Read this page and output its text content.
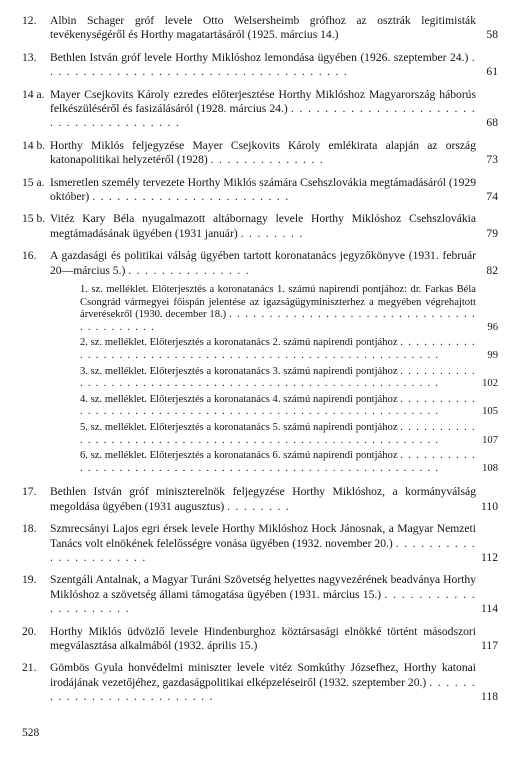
12.	Albin Schager gróf levele Otto Welsersheimb grófhoz az osztrák legitimisták tevékenységéről és Horthy magatartásáról (1925. március 14.)	58
13.	Bethlen István gróf levele Horthy Miklóshoz lemondása ügyében (1926. szeptember 24.) . . . . . . . . . . . . . . . . . . . . . . . . . . . . . . . . . . . . .	61
14 a. Mayer Csejkovits Károly ezredes előterjesztése Horthy Miklóshoz Magyarország háborús felkészüléséről és fasizálásáról (1928. március 24.) . . . . . . . . . . . . . . . . . . . . . . . . . . . . . . . . . . . . . .	68
14 b. Horthy Miklós feljegyzése Mayer Csejkovits Károly emlékirata alapján az ország katonapolitikai helyzetéről (1928) . . . . . . . . . . . . . .	73
15 a. Ismeretlen személy tervezete Horthy Miklós számára Csehszlovákia megtámadásáról (1929 október) . . . . . . . . . . . . . . . . . . . . . . . .	74
15 b. Vitéz Kary Béla nyugalmazott altábornagy levele Horthy Miklóshoz Csehszlovákia megtámadásának ügyében (1931 január) . . . . . . . .	79
16.	A gazdasági és politikai válság ügyében tartott koronatanács jegyzőkönyve (1931. február 20—március 5.) . . . . . . . . . . . . . . .	82
1. sz. melléklet. Előterjesztés a koronatanács 1. számú napirendi pontjához: dr. Farkas Béla Csongrád vármegyei főispán jelentése az igazságügyminiszterhez a megyében végrehajtott árverésekről (1930. december 18.) . . . . . . . . . . . . . . . . . . . . . . . . . . . . . . . . . . . . . . . . .	96
2. sz. melléklet. Előterjesztés a koronatanács 2. számú napirendi pontjához . . . . . . . . . . . . . . . . . . . . . . . . . . . . . . . . . . . . . . . . . . . . . . . . . . . . . . . .	99
3. sz. melléklet. Előterjesztés a koronatanács 3. számú napirendi pontjához . . . . . . . . . . . . . . . . . . . . . . . . . . . . . . . . . . . . . . . . . . . . . . . . . . . . . . . .	102
4. sz. melléklet. Előterjesztés a koronatanács 4. számú napirendi pontjához . . . . . . . . . . . . . . . . . . . . . . . . . . . . . . . . . . . . . . . . . . . . . . . . . . . . . . . .	105
5. sz. melléklet. Előterjesztés a koronatanács 5. számú napirendi pontjához . . . . . . . . . . . . . . . . . . . . . . . . . . . . . . . . . . . . . . . . . . . . . . . . . . . . . . . .	107
6. sz. melléklet. Előterjesztés a koronatanács 6. számú napirendi pontjához . . . . . . . . . . . . . . . . . . . . . . . . . . . . . . . . . . . . . . . . . . . . . . . . . . . . . . . .	108
17.	Bethlen István gróf miniszterelnök feljegyzése Horthy Miklóshoz, a kormányválság megoldása ügyében (1931 augusztus) . . . . . . . .	110
18.	Szmrecsányi Lajos egri érsek levele Horthy Miklóshoz Hock Jánosnak, a Magyar Nemzeti Tanács volt elnökének felelősségre vonása ügyében (1932. november 20.) . . . . . . . . . . . . . . . . . . . . . .	112
19.	Szentgáli Antalnak, a Magyar Turáni Szövetség helyettes nagyvezérének beadványa Horthy Miklóshoz a szövetség állami támogatása ügyében (1931. március 15.) . . . . . . . . . . . . . . . . . . . . .	114
20.	Horthy Miklós üdvözlő levele Hindenburghoz köztársasági elnökké történt másodszori megválasztása alkalmából (1932. április 15.)	117
21.	Gömbös Gyula honvédelmi miniszter levele vitéz Somkúthy Józsefhez, Horthy katonai irodájának vezetőjéhez, gazdaságpolitikai elképzeléseiről (1932. szeptember 20.) . . . . . . . . . . . . . . . . . . . . . . . . . .	118
528
